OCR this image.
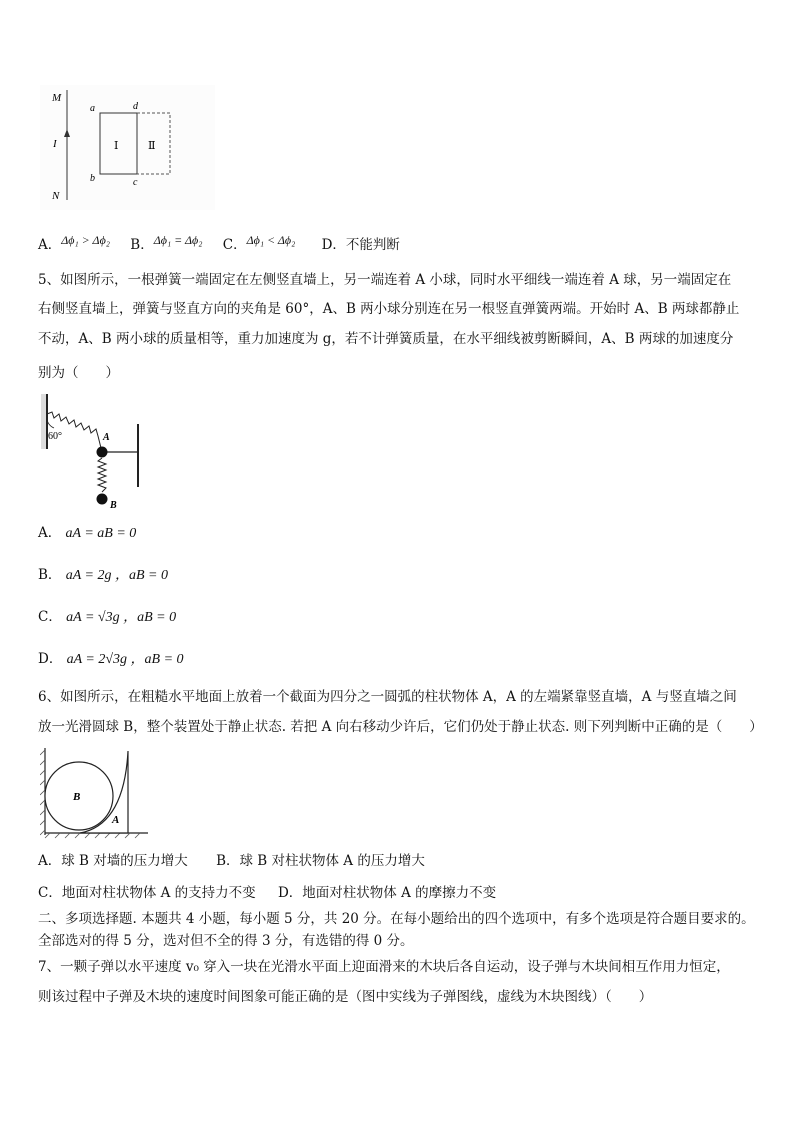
M
I
N
a	d
b	c
Ⅰ	Ⅱ
A．Δϕ₁ > Δϕ₂ B．Δϕ₁ = Δϕ₂ C．Δϕ₁ < Δϕ₂ D．不能判断
5、如图所示，一根弹簧一端固定在左侧竖直墙上，另一端连着 A 小球，同时水平细线一端连着 A 球，另一端固定在
右侧竖直墙上，弹簧与竖直方向的夹角是 60°，A、B 两小球分别连在另一根竖直弹簧两端。开始时 A、B 两球都静止
不动，A、B 两小球的质量相等，重力加速度为 g，若不计弹簧质量，在水平细线被剪断瞬间，A、B 两球的加速度分
别为（　　）
60°	A
B
A． aA = aB = 0
B． aA = 2g ，aB = 0
C． aA = √3g ，aB = 0
D． aA = 2√3g ，aB = 0
6、如图所示，在粗糙水平地面上放着一个截面为四分之一圆弧的柱状物体 A，A 的左端紧靠竖直墙，A 与竖直墙之间
放一光滑圆球 B，整个装置处于静止状态. 若把 A 向右移动少许后，它们仍处于静止状态. 则下列判断中正确的是（　　）
B
A
A．球 B 对墙的压力增大 B．球 B 对柱状物体 A 的压力增大
C．地面对柱状物体 A 的支持力不变 D．地面对柱状物体 A 的摩擦力不变
二、多项选择题. 本题共 4 小题，每小题 5 分，共 20 分。在每小题给出的四个选项中，有多个选项是符合题目要求的。
全部选对的得 5 分，选对但不全的得 3 分，有选错的得 0 分。
7、一颗子弹以水平速度 v₀ 穿入一块在光滑水平面上迎面滑来的木块后各自运动，设子弹与木块间相互作用力恒定，
则该过程中子弹及木块的速度时间图象可能正确的是（图中实线为子弹图线，虚线为木块图线）（　　）
